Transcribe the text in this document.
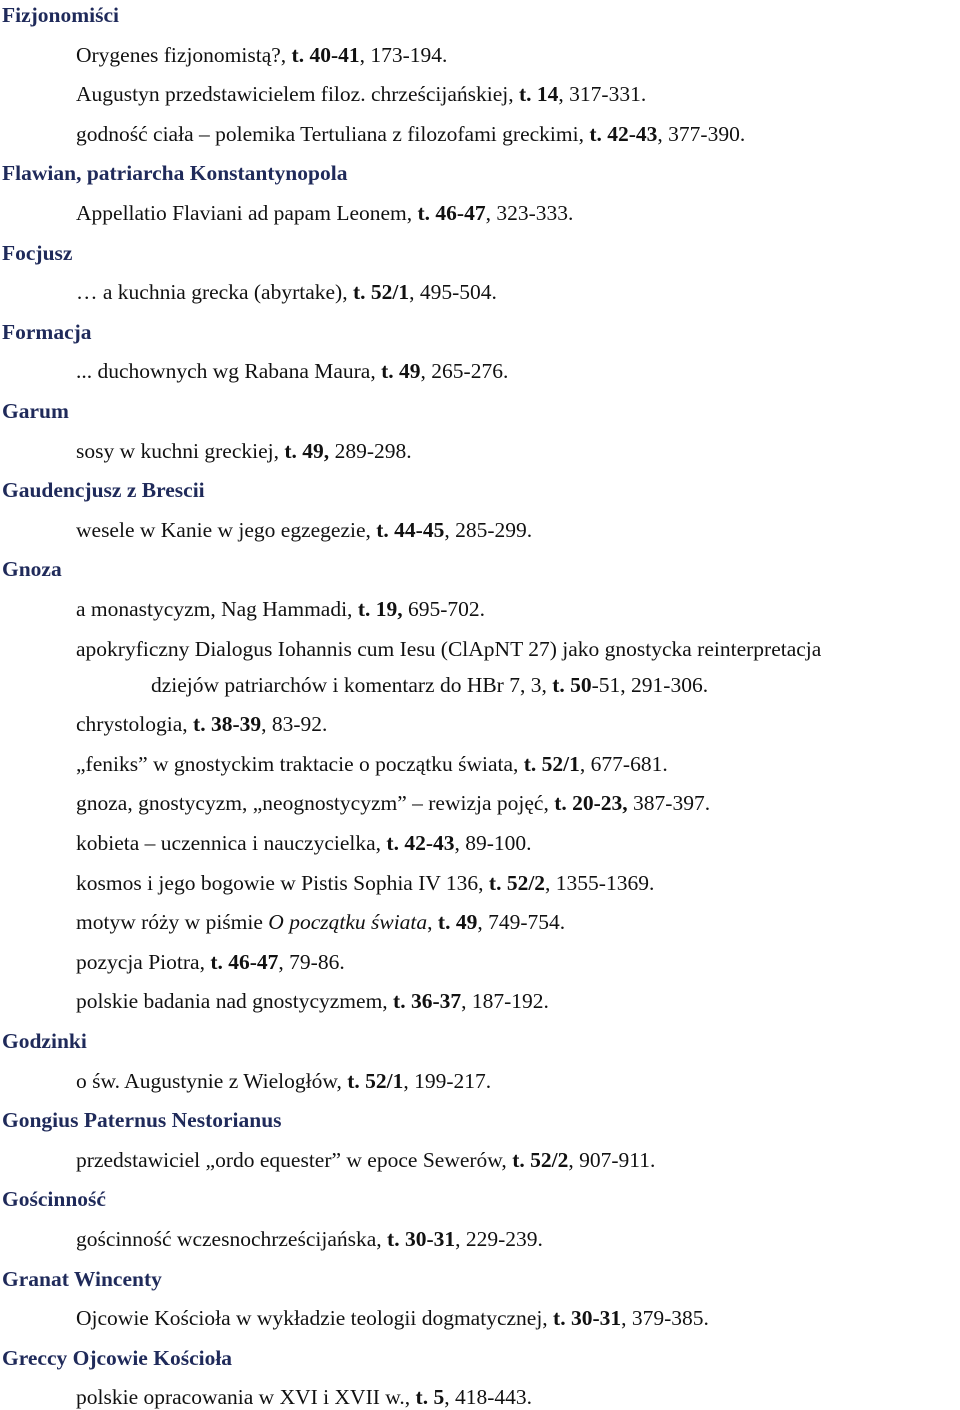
Fizjonomiści
Orygenes fizjonomistą?, t. 40-41, 173-194.
Augustyn przedstawicielem filoz. chrześcijańskiej, t. 14, 317-331.
godność ciała – polemika Tertuliana z filozofami greckimi, t. 42-43, 377-390.
Flawian, patriarcha Konstantynopola
Appellatio Flaviani ad papam Leonem, t. 46-47, 323-333.
Focjusz
… a kuchnia grecka (abyrtake), t. 52/1, 495-504.
Formacja
... duchownych wg Rabana Maura, t. 49, 265-276.
Garum
sosy w kuchni greckiej, t. 49, 289-298.
Gaudencjusz z Brescii
wesele w Kanie w jego egzegezie, t. 44-45, 285-299.
Gnoza
a monastycyzm, Nag Hammadi, t. 19, 695-702.
apokryficzny Dialogus Iohannis cum Iesu (ClApNT 27) jako gnostycka reinterpretacja
dziejów patriarchów i komentarz do HBr 7, 3, t. 50-51, 291-306.
chrystologia, t. 38-39, 83-92.
„feniks” w gnostyckim traktacie o początku świata, t. 52/1, 677-681.
gnoza, gnostycyzm, „neognostycyzm” – rewizja pojęć, t. 20-23, 387-397.
kobieta – uczennica i nauczycielka, t. 42-43, 89-100.
kosmos i jego bogowie w Pistis Sophia IV 136, t. 52/2, 1355-1369.
motyw róży w piśmie O początku świata, t. 49, 749-754.
pozycja Piotra, t. 46-47, 79-86.
polskie badania nad gnostycyzmem, t. 36-37, 187-192.
Godzinki
o św. Augustynie z Wielogłów, t. 52/1, 199-217.
Gongius Paternus Nestorianus
przedstawiciel „ordo equester” w epoce Sewerów, t. 52/2, 907-911.
Gościnność
gościnność wczesnochrześcijańska, t. 30-31, 229-239.
Granat Wincenty
Ojcowie Kościoła w wykładzie teologii dogmatycznej, t. 30-31, 379-385.
Greccy Ojcowie Kościoła
polskie opracowania w XVI i XVII w., t. 5, 418-443.
